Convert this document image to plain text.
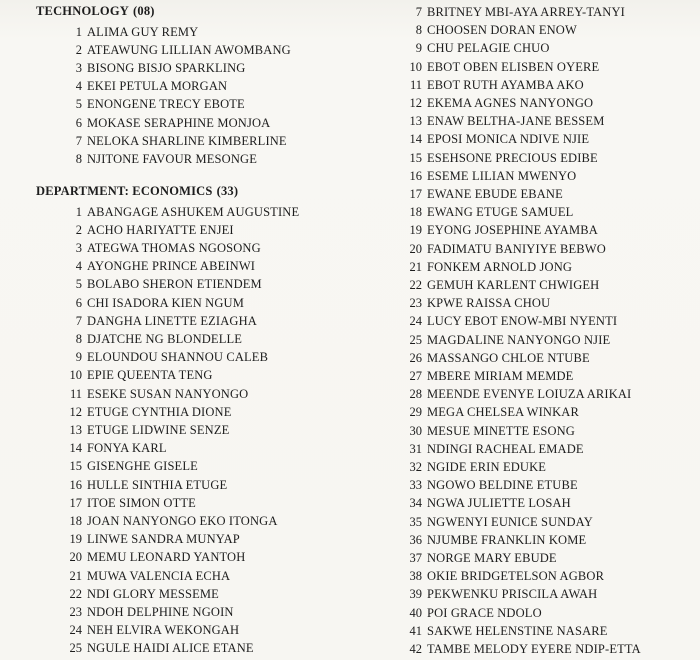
TECHNOLOGY (08)
1 ALIMA GUY REMY
2 ATEAWUNG LILLIAN AWOMBANG
3 BISONG BISJO SPARKLING
4 EKEI PETULA MORGAN
5 ENONGENE TRECY EBOTE
6 MOKASE SERAPHINE MONJOA
7 NELOKA SHARLINE KIMBERLINE
8 NJITONE FAVOUR MESONGE
DEPARTMENT: ECONOMICS (33)
1 ABANGAGE ASHUKEM AUGUSTINE
2 ACHO HARIYATTE ENJEI
3 ATEGWA THOMAS NGOSONG
4 AYONGHE PRINCE ABEINWI
5 BOLABO SHERON ETIENDEM
6 CHI ISADORA KIEN NGUM
7 DANGHA LINETTE EZIAGHA
8 DJATCHE NG BLONDELLE
9 ELOUNDOU SHANNOU CALEB
10 EPIE QUEENTA TENG
11 ESEKE SUSAN NANYONGO
12 ETUGE CYNTHIA DIONE
13 ETUGE LIDWINE SENZE
14 FONYA KARL
15 GISENGHE GISELE
16 HULLE SINTHIA ETUGE
17 ITOE SIMON OTTE
18 JOAN NANYONGO EKO ITONGA
19 LINWE SANDRA MUNYAP
20 MEMU LEONARD YANTOH
21 MUWA VALENCIA ECHA
22 NDI GLORY MESSEME
23 NDOH DELPHINE NGOIN
24 NEH ELVIRA WEKONGAH
25 NGULE HAIDI ALICE ETANE
7 BRITNEY MBI-AYA ARREY-TANYI
8 CHOOSEN DORAN ENOW
9 CHU PELAGIE CHUO
10 EBOT OBEN ELISBEN OYERE
11 EBOT RUTH AYAMBA AKO
12 EKEMA AGNES NANYONGO
13 ENAW BELTHA-JANE BESSEM
14 EPOSI MONICA NDIVE NJIE
15 ESEHSONE PRECIOUS EDIBE
16 ESEME LILIAN MWENYO
17 EWANE EBUDE EBANE
18 EWANG ETUGE SAMUEL
19 EYONG JOSEPHINE AYAMBA
20 FADIMATU BANIYIYE BEBWO
21 FONKEM ARNOLD JONG
22 GEMUH KARLENT CHWIGEH
23 KPWE RAISSA CHOU
24 LUCY EBOT ENOW-MBI NYENTI
25 MAGDALINE NANYONGO NJIE
26 MASSANGO CHLOE NTUBE
27 MBERE MIRIAM MEMDE
28 MEENDE EVENYE LOIUZA ARIKAI
29 MEGA CHELSEA WINKAR
30 MESUE MINETTE ESONG
31 NDINGI RACHEAL EMADE
32 NGIDE ERIN EDUKE
33 NGOWO BELDINE ETUBE
34 NGWA JULIETTE LOSAH
35 NGWENYI EUNICE SUNDAY
36 NJUMBE FRANKLIN KOME
37 NORGE MARY EBUDE
38 OKIE BRIDGETELSON AGBOR
39 PEKWENKU PRISCILA AWAH
40 POI GRACE NDOLO
41 SAKWE HELENSTINE NASARE
42 TAMBE MELODY EYERE NDIP-ETTA
